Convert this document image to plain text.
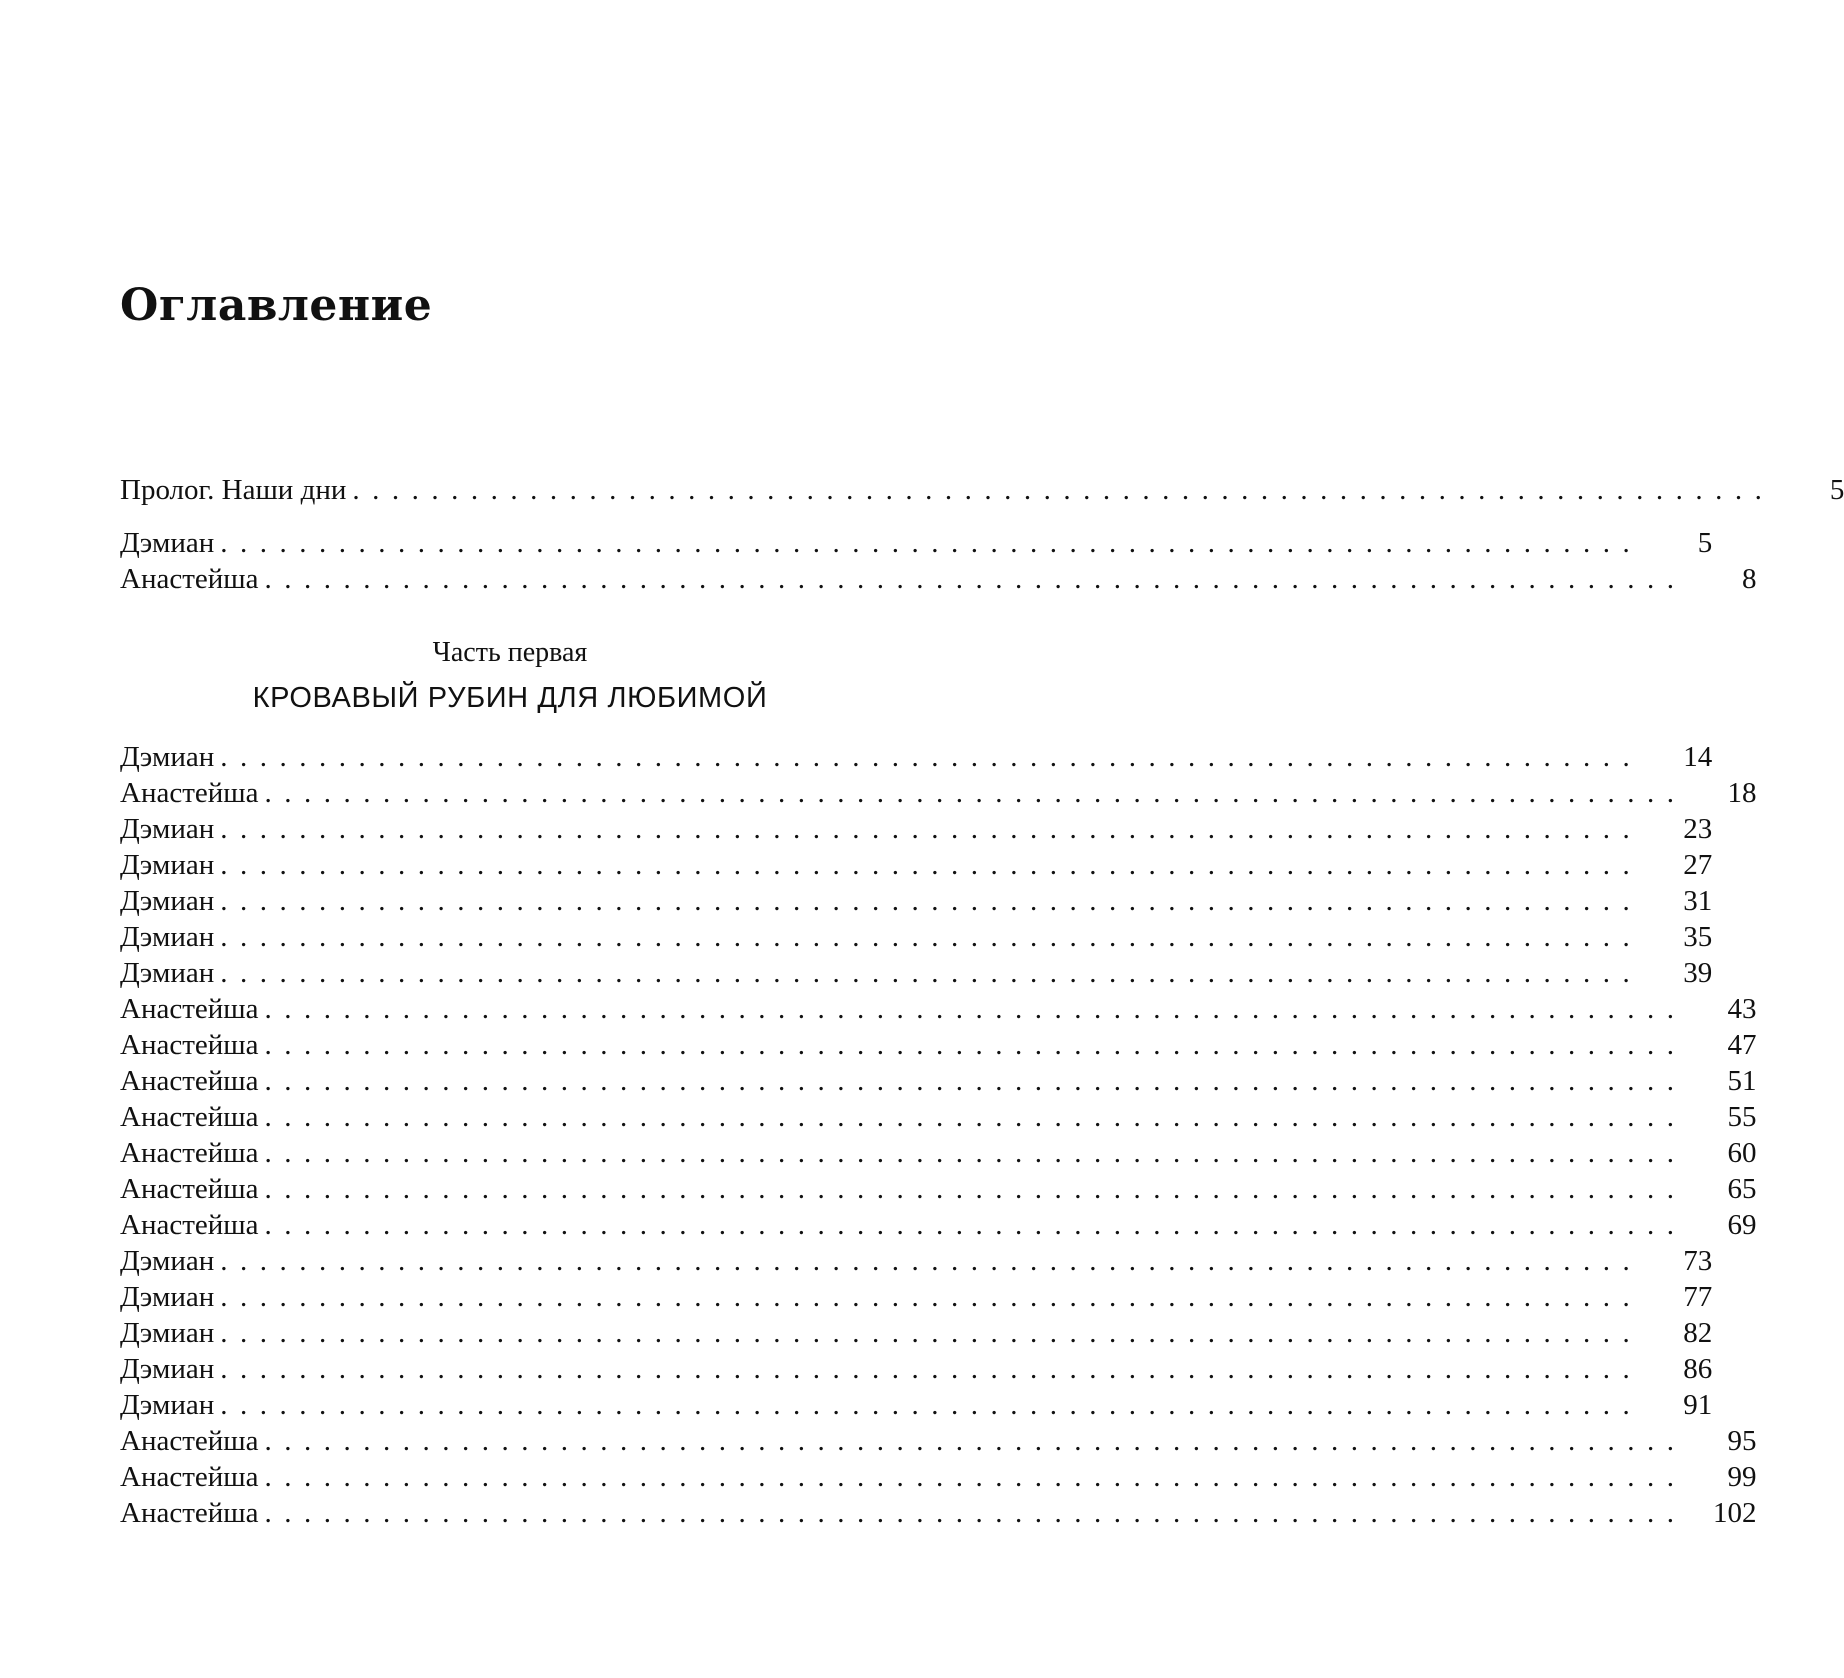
Оглавление
Пролог. Наши дни ........................................................................	5
Дэмиан ........................................................................	5
Анастейша ........................................................................	8
Часть первая
КРОВАВЫЙ РУБИН ДЛЯ ЛЮБИМОЙ
Дэмиан ........................................................................	14
Анастейша ........................................................................	18
Дэмиан ........................................................................	23
Дэмиан ........................................................................	27
Дэмиан ........................................................................	31
Дэмиан ........................................................................	35
Дэмиан ........................................................................	39
Анастейша ........................................................................	43
Анастейша ........................................................................	47
Анастейша ........................................................................	51
Анастейша ........................................................................	55
Анастейша ........................................................................	60
Анастейша ........................................................................	65
Анастейша ........................................................................	69
Дэмиан ........................................................................	73
Дэмиан ........................................................................	77
Дэмиан ........................................................................	82
Дэмиан ........................................................................	86
Дэмиан ........................................................................	91
Анастейша ........................................................................	95
Анастейша ........................................................................	99
Анастейша ........................................................................ 102
